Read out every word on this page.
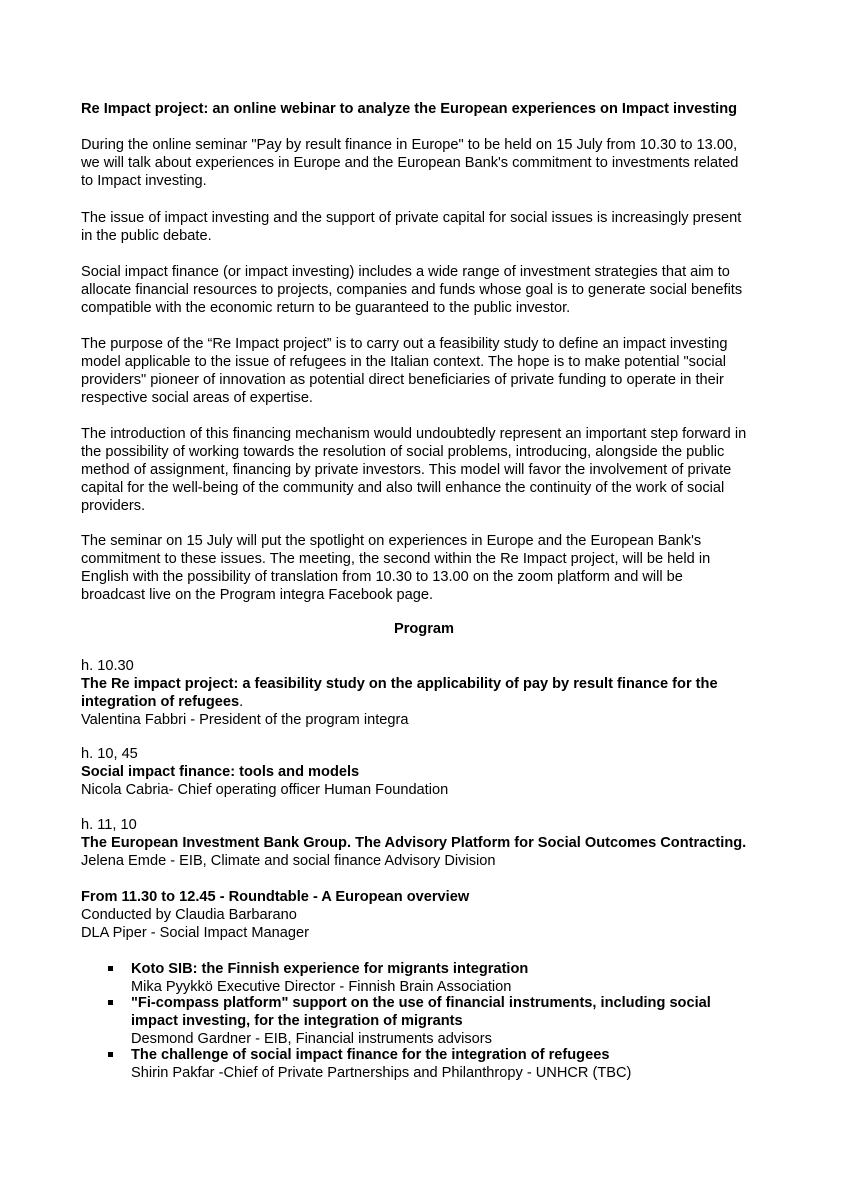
Re Impact project: an online webinar to analyze the European experiences on Impact investing

During the online seminar "Pay by result finance in Europe" to be held on 15 July from 10.30 to 13.00,
we will talk about experiences in Europe and the European Bank's commitment to investments related
to Impact investing.

The issue of impact investing and the support of private capital for social issues is increasingly present
in the public debate.

Social impact finance (or impact investing) includes a wide range of investment strategies that aim to
allocate financial resources to projects, companies and funds whose goal is to generate social benefits
compatible with the economic return to be guaranteed to the public investor.

The purpose of the “Re Impact project” is to carry out a feasibility study to define an impact investing
model applicable to the issue of refugees in the Italian context. The hope is to make potential "social
providers" pioneer of innovation as potential direct beneficiaries of private funding to operate in their
respective social areas of expertise.

The introduction of this financing mechanism would undoubtedly represent an important step forward in
the possibility of working towards the resolution of social problems, introducing, alongside the public
method of assignment, financing by private investors. This model will favor the involvement of private
capital for the well-being of the community and also twill enhance the continuity of the work of social
providers.

The seminar on 15 July will put the spotlight on experiences in Europe and the European Bank's
commitment to these issues. The meeting, the second within the Re Impact project, will be held in
English with the possibility of translation from 10.30 to 13.00 on the zoom platform and will be
broadcast live on the Program integra Facebook page.

Program
h. 10.30
The Re impact project: a feasibility study on the applicability of pay by result finance for the
integration of refugees.
Valentina Fabbri - President of the program integra
h. 10, 45
Social impact finance: tools and models
Nicola Cabria- Chief operating officer Human Foundation
h. 11, 10
The European Investment Bank Group. The Advisory Platform for Social Outcomes Contracting.
Jelena Emde - EIB, Climate and social finance Advisory Division
From 11.30 to 12.45 - Roundtable - A European overview
Conducted by Claudia Barbarano
DLA Piper - Social Impact Manager
Koto SIB: the Finnish experience for migrants integration
Mika Pyykkö Executive Director - Finnish Brain Association
"Fi-compass platform" support on the use of financial instruments, including social
impact investing, for the integration of migrants
Desmond Gardner - EIB, Financial instruments advisors
The challenge of social impact finance for the integration of refugees
Shirin Pakfar -Chief of Private Partnerships and Philanthropy - UNHCR (TBC)
